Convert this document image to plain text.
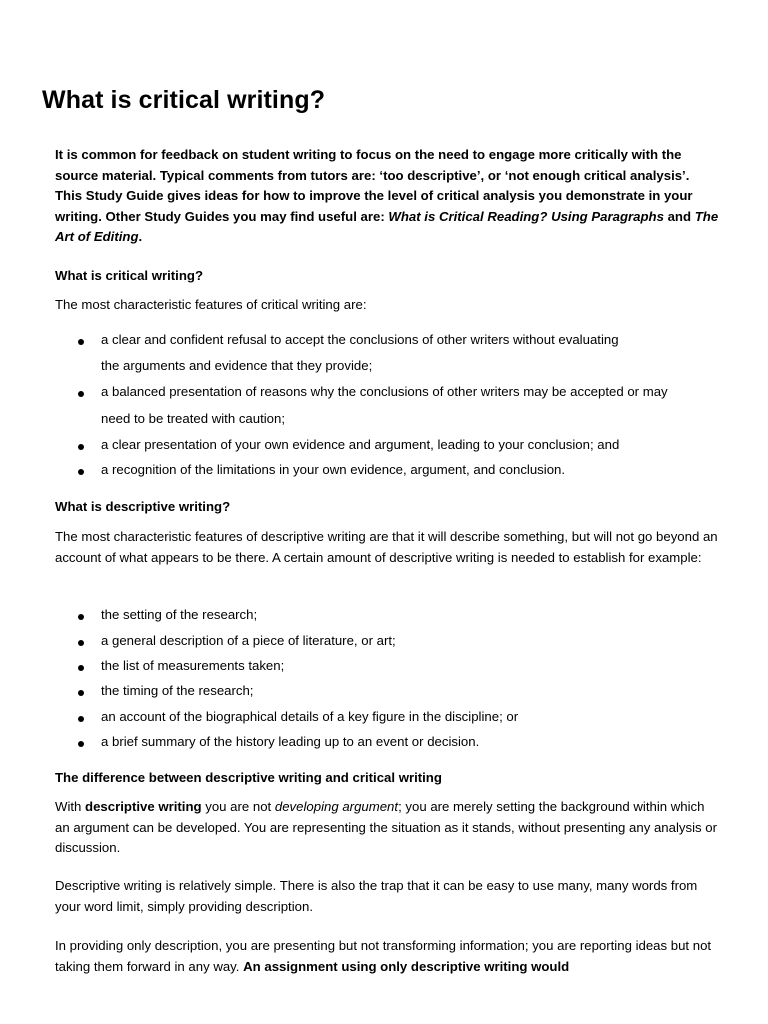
What is critical writing?

It is common for feedback on student writing to focus on the need to engage more critically with the source material. Typical comments from tutors are: ‘too descriptive’, or ‘not enough critical analysis’. This Study Guide gives ideas for how to improve the level of critical analysis you demonstrate in your writing. Other Study Guides you may find useful are: What is Critical Reading? Using Paragraphs and The Art of Editing.

What is critical writing?
The most characteristic features of critical writing are:
a clear and confident refusal to accept the conclusions of other writers without evaluating
the arguments and evidence that they provide;
a balanced presentation of reasons why the conclusions of other writers may be accepted or may
need to be treated with caution;
a clear presentation of your own evidence and argument, leading to your conclusion; and
a recognition of the limitations in your own evidence, argument, and conclusion.
What is descriptive writing?

The most characteristic features of descriptive writing are that it will describe something, but will not go beyond an account of what appears to be there. A certain amount of descriptive writing is needed to establish for example:

the setting of the research;
a general description of a piece of literature, or art;
the list of measurements taken;
the timing of the research;
an account of the biographical details of a key figure in the discipline; or
a brief summary of the history leading up to an event or decision.
The difference between descriptive writing and critical writing

With descriptive writing you are not developing argument; you are merely setting the background within which an argument can be developed. You are representing the situation as it stands, without presenting any analysis or discussion.

Descriptive writing is relatively simple. There is also the trap that it can be easy to use many, many words from your word limit, simply providing description.

In providing only description, you are presenting but not transforming information; you are reporting ideas but not taking them forward in any way. An assignment using only descriptive writing would
